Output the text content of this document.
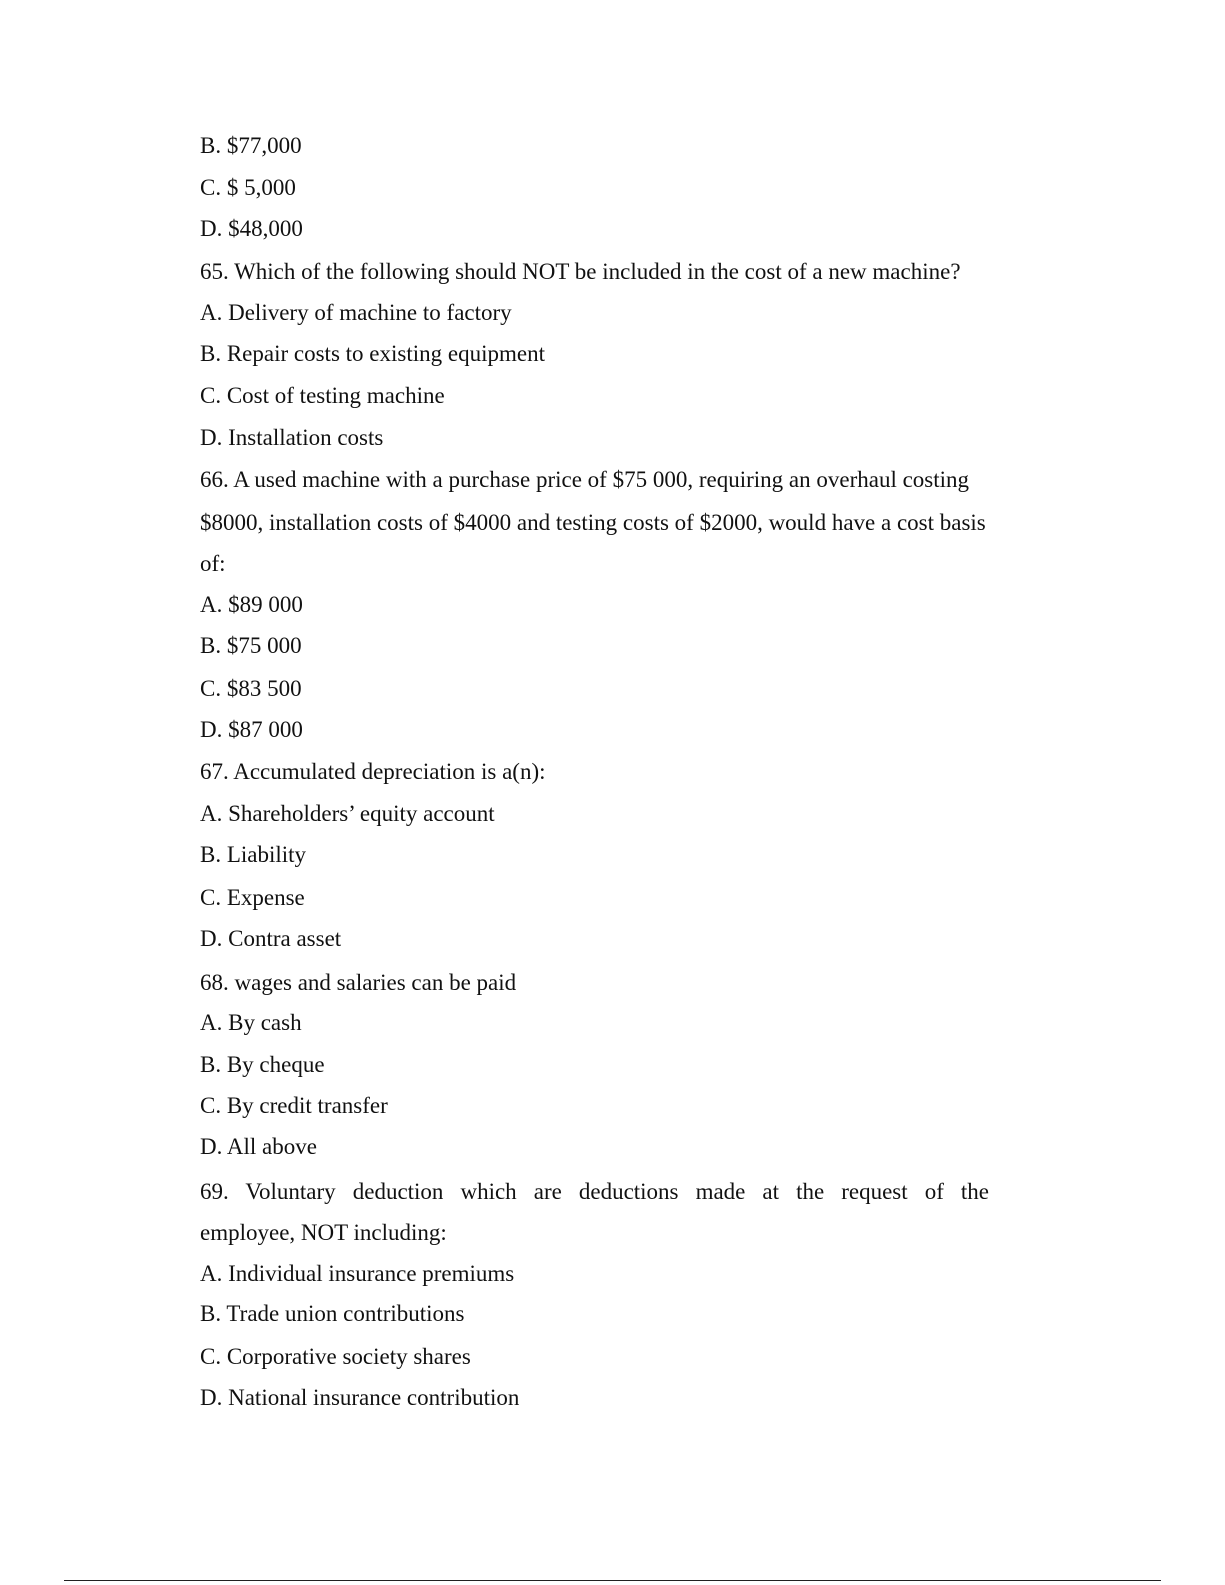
B. $77,000
C. $ 5,000
D. $48,000
65. Which of the following should NOT be included in the cost of a new machine?
A. Delivery of machine to factory
B. Repair costs to existing equipment
C. Cost of testing machine
D. Installation costs
66. A used machine with a purchase price of $75 000, requiring an overhaul costing
$8000, installation costs of $4000 and testing costs of $2000, would have a cost basis
of:
A. $89 000
B. $75 000
C. $83 500
D. $87 000
67. Accumulated depreciation is a(n):
A. Shareholders’ equity account
B. Liability
C. Expense
D. Contra asset
68. wages and salaries can be paid
A. By cash
B. By cheque
C. By credit transfer
D. All above
69. Voluntary deduction which are deductions made at the request of the
employee, NOT including:
A. Individual insurance premiums
B. Trade union contributions
C. Corporative society shares
D. National insurance contribution
